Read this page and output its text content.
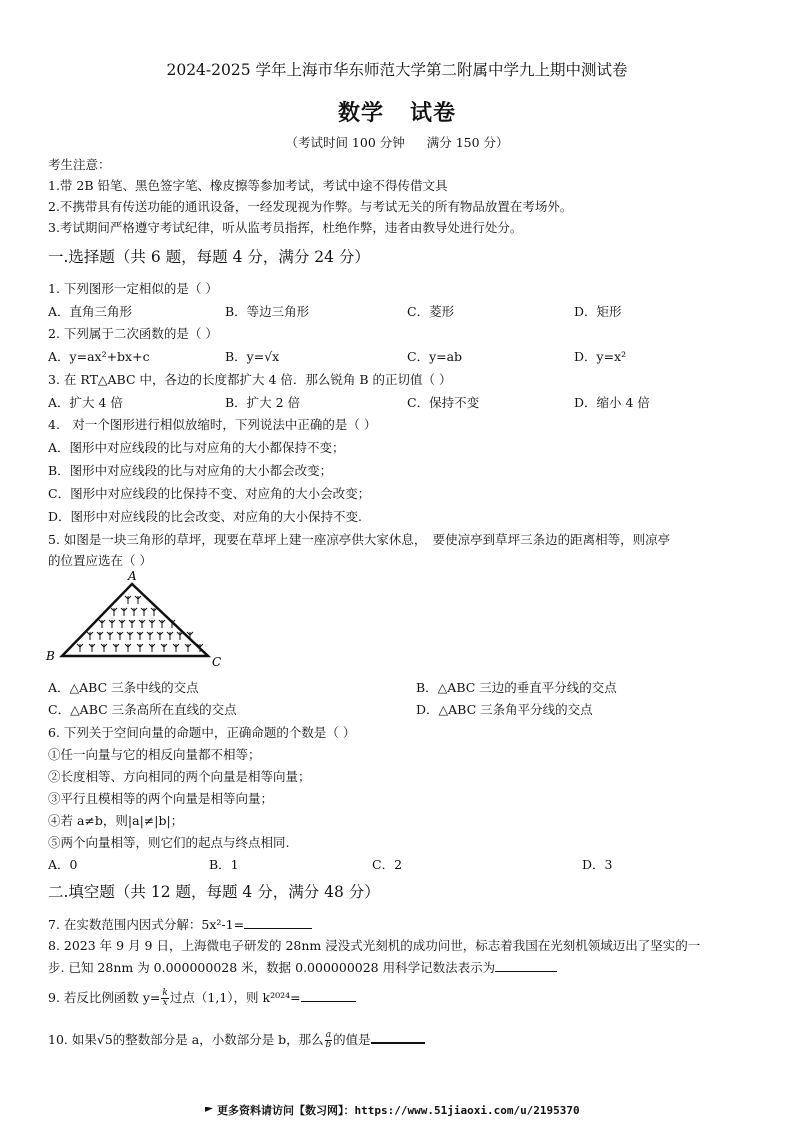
2024-2025 学年上海市华东师范大学第二附属中学九上期中测试卷
数学 试卷
（考试时间 100 分钟 满分 150 分）
考生注意：
1.带 2B 铅笔、黑色签字笔、橡皮擦等参加考试，考试中途不得传借文具
2.不携带具有传送功能的通讯设备，一经发现视为作弊。与考试无关的所有物品放置在考场外。
3.考试期间严格遵守考试纪律，听从监考员指挥，杜绝作弊，违者由教导处进行处分。
一.选择题（共 6 题，每题 4 分，满分 24 分）
1. 下列图形一定相似的是（ ）
A．直角三角形	B．等边三角形	C．菱形	D．矩形
2. 下列属于二次函数的是（ ）
A．y=ax²+bx+c	B．y=√x	C．y=ab	D．y=x²
3. 在 RT△ABC 中，各边的长度都扩大 4 倍．那么锐角 B 的正切值（ ）
A．扩大 4 倍	B．扩大 2 倍	C．保持不变	D．缩小 4 倍
4.　对一个图形进行相似放缩时，下列说法中正确的是（ ）
A．图形中对应线段的比与对应角的大小都保持不变；
B．图形中对应线段的比与对应角的大小都会改变；
C．图形中对应线段的比保持不变、对应角的大小会改变；
D．图形中对应线段的比会改变、对应角的大小保持不变.
5. 如图是一块三角形的草坪，现要在草坪上建一座凉亭供大家休息，　要使凉亭到草坪三条边的距离相等，则凉亭
的位置应选在（ ）
A
B	C
A．△ABC 三条中线的交点	B．△ABC 三边的垂直平分线的交点
C．△ABC 三条高所在直线的交点	D．△ABC 三条角平分线的交点
6. 下列关于空间向量的命题中，正确命题的个数是（ ）
①任一向量与它的相反向量都不相等；
②长度相等、方向相同的两个向量是相等向量；
③平行且模相等的两个向量是相等向量；
④若 a≠b，则|a|≠|b|；
⑤两个向量相等，则它们的起点与终点相同.
A．0	B．1	C．2	D．3
二.填空题（共 12 题，每题 4 分，满分 48 分）
7. 在实数范围内因式分解：5x²-1=
8. 2023 年 9 月 9 日，上海微电子研发的 28nm 浸没式光刻机的成功问世，标志着我国在光刻机领域迈出了坚实的一
步. 已知 28nm 为 0.000000028 米，数据 0.000000028 用科学记数法表示为
9. 若反比例函数 $y= \frac{k}{x}$ 过点（1,1），则 k²⁰²⁴=
10. 如果√5的整数部分是 a，小数部分是 b，那么 $\frac{a}{b}$ 的值是
更多资料请访问【数习网】：https://www.51jiaoxi.com/u/2195370
